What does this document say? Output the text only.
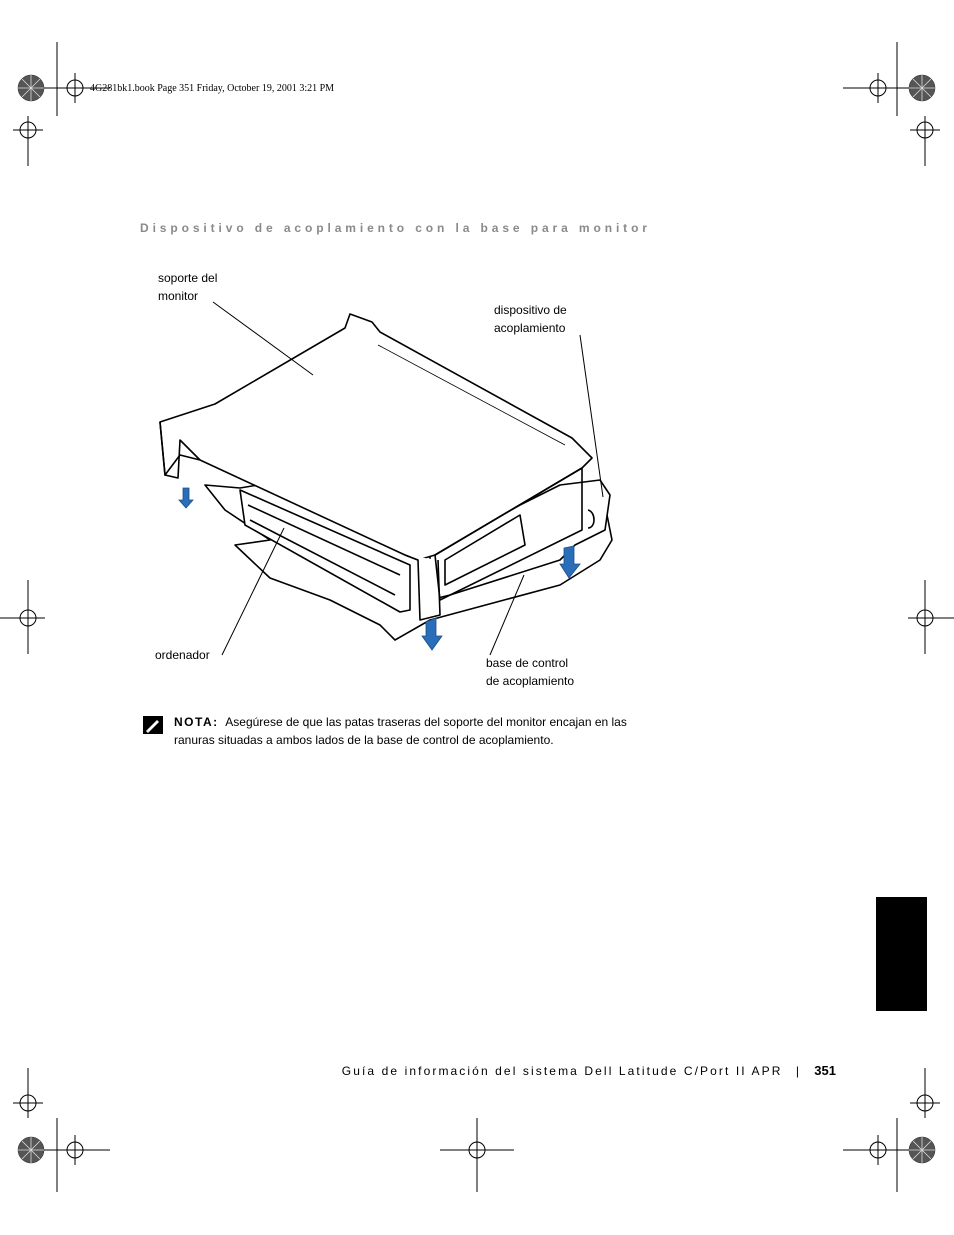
4G281bk1.book Page 351 Friday, October 19, 2001 3:21 PM
Dispositivo de acoplamiento con la base para monitor
soporte del
monitor
dispositivo de
acoplamiento
ordenador
base de control
de acoplamiento
NOTA: Asegúrese de que las patas traseras del soporte del monitor encajan en las ranuras situadas a ambos lados de la base de control de acoplamiento.
Guía de información del sistema Dell Latitude C/Port II APR | 351
